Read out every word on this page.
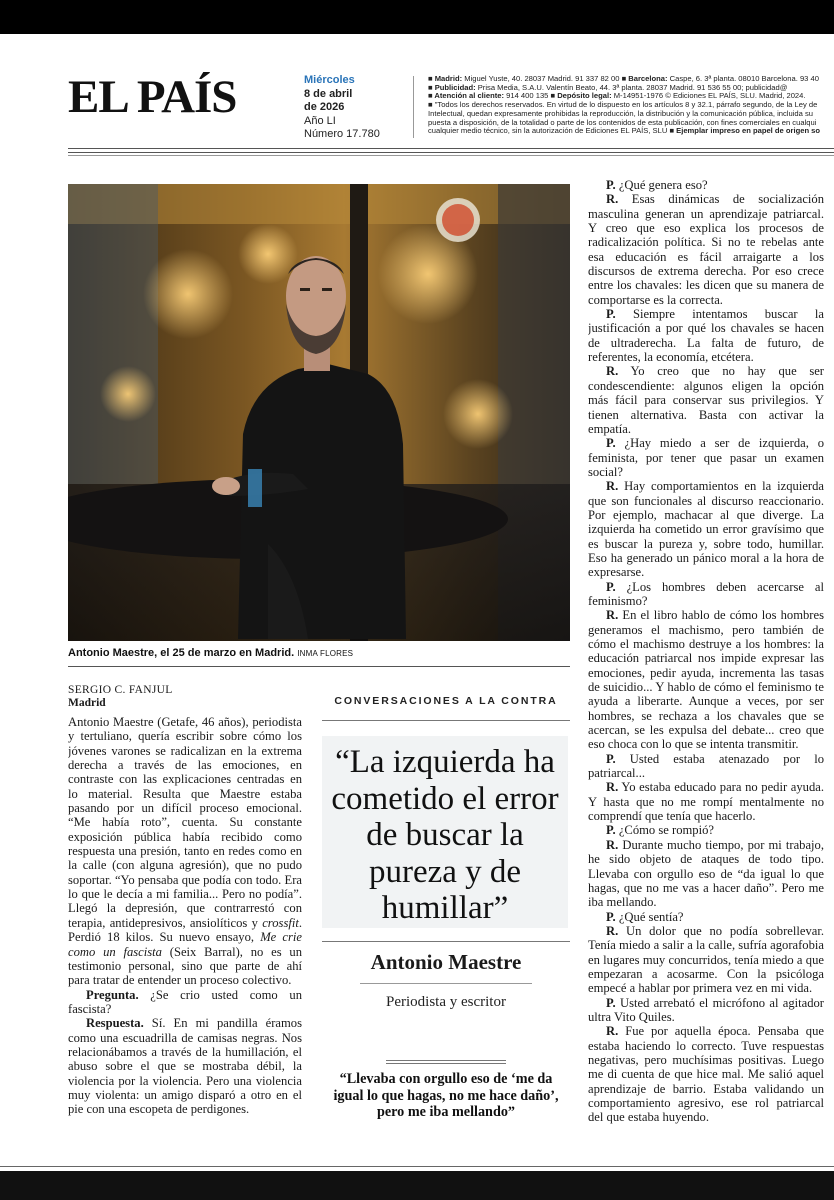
EL PAÍS	Miércoles
8 de abril
de 2026
Año LI
Número 17.780
■ Madrid: Miguel Yuste, 40. 28037 Madrid. 91 337 82 00 ■ Barcelona: Caspe, 6. 3ª planta. 08010 Barcelona. 93 40
■ Publicidad: Prisa Media, S.A.U. Valentín Beato, 44. 3ª planta. 28037 Madrid. 91 536 55 00; publicidad@
■ Atención al cliente: 914 400 135 ■ Depósito legal: M-14951-1976 © Ediciones EL PAÍS, SLU. Madrid, 2024.
■ "Todos los derechos reservados. En virtud de lo dispuesto en los artículos 8 y 32.1, párrafo segundo, de la Ley de
Intelectual, quedan expresamente prohibidas la reproducción, la distribución y la comunicación pública, incluida su
puesta a disposición, de la totalidad o parte de los contenidos de esta publicación, con fines comerciales en cualqui
cualquier medio técnico, sin la autorización de Ediciones EL PAÍS, SLU ■ Ejemplar impreso en papel de origen so
Antonio Maestre, el 25 de marzo en Madrid. INMA FLORES
SERGIO C. FANJUL
Madrid

Antonio Maestre (Getafe, 46 años), periodista y tertuliano, quería escribir sobre cómo los jóvenes varones se radicalizan en la extrema derecha a través de las emociones, en contraste con las explicaciones centradas en lo material. Resulta que Maestre estaba pasando por un difícil proceso emocional. “Me había roto”, cuenta. Su constante exposición pública había recibido como respuesta una presión, tanto en redes como en la calle (con alguna agresión), que no pudo soportar. “Yo pensaba que podía con todo. Era lo que le decía a mi familia... Pero no podía”. Llegó la depresión, que contrarrestó con terapia, antidepresivos, ansiolíticos y crossfit. Perdió 18 kilos. Su nuevo ensayo, Me crie como un fascista (Seix Barral), no es un testimonio personal, sino que parte de ahí para tratar de entender un proceso colectivo.

Pregunta. ¿Se crio usted como un fascista?

Respuesta. Sí. En mi pandilla éramos como una escuadrilla de camisas negras. Nos relacionábamos a través de la humillación, el abuso sobre el que se mostraba débil, la violencia por la violencia. Pero una violencia muy violenta: un amigo disparó a otro en el pie con una escopeta de perdigones.

CONVERSACIONES A LA CONTRA
“La izquierda ha cometido el error de buscar la pureza y de humillar”
Antonio Maestre
Periodista y escritor
“Llevaba con orgullo eso de ‘me da igual lo que hagas, no me hace daño’, pero me iba mellando”

P. ¿Qué genera eso?

R. Esas dinámicas de socialización masculina generan un aprendizaje patriarcal. Y creo que eso explica los procesos de radicalización política. Si no te rebelas ante esa educación es fácil arraigarte a los discursos de extrema derecha. Por eso crece entre los chavales: les dicen que su manera de comportarse es la correcta.

P. Siempre intentamos buscar la justificación a por qué los chavales se hacen de ultraderecha. La falta de futuro, de referentes, la economía, etcétera.

R. Yo creo que no hay que ser condescendiente: algunos eligen la opción más fácil para conservar sus privilegios. Y tienen alternativa. Basta con activar la empatía.

P. ¿Hay miedo a ser de izquierda, o feminista, por tener que pasar un examen social?

R. Hay comportamientos en la izquierda que son funcionales al discurso reaccionario. Por ejemplo, machacar al que diverge. La izquierda ha cometido un error gravísimo que es buscar la pureza y, sobre todo, humillar. Eso ha generado un pánico moral a la hora de expresarse.

P. ¿Los hombres deben acercarse al feminismo?

R. En el libro hablo de cómo los hombres generamos el machismo, pero también de cómo el machismo destruye a los hombres: la educación patriarcal nos impide expresar las emociones, pedir ayuda, incrementa las tasas de suicidio... Y hablo de cómo el feminismo te ayuda a liberarte. Aunque a veces, por ser hombres, se rechaza a los chavales que se acercan, se les expulsa del debate... creo que eso choca con lo que se intenta transmitir.

P. Usted estaba atenazado por lo patriarcal...

R. Yo estaba educado para no pedir ayuda. Y hasta que no me rompí mentalmente no comprendí que tenía que hacerlo.

P. ¿Cómo se rompió?

R. Durante mucho tiempo, por mi trabajo, he sido objeto de ataques de todo tipo. Llevaba con orgullo eso de “da igual lo que hagas, que no me vas a hacer daño”. Pero me iba mellando.

P. ¿Qué sentía?

R. Un dolor que no podía sobrellevar. Tenía miedo a salir a la calle, sufría agorafobia en lugares muy concurridos, tenía miedo a que empezaran a acosarme. Con la psicóloga empecé a hablar por primera vez en mi vida.

P. Usted arrebató el micrófono al agitador ultra Vito Quiles.

R. Fue por aquella época. Pensaba que estaba haciendo lo correcto. Tuve respuestas negativas, pero muchísimas positivas. Luego me di cuenta de que hice mal. Me salió aquel aprendizaje de barrio. Estaba validando un comportamiento agresivo, ese rol patriarcal del que estaba huyendo.
